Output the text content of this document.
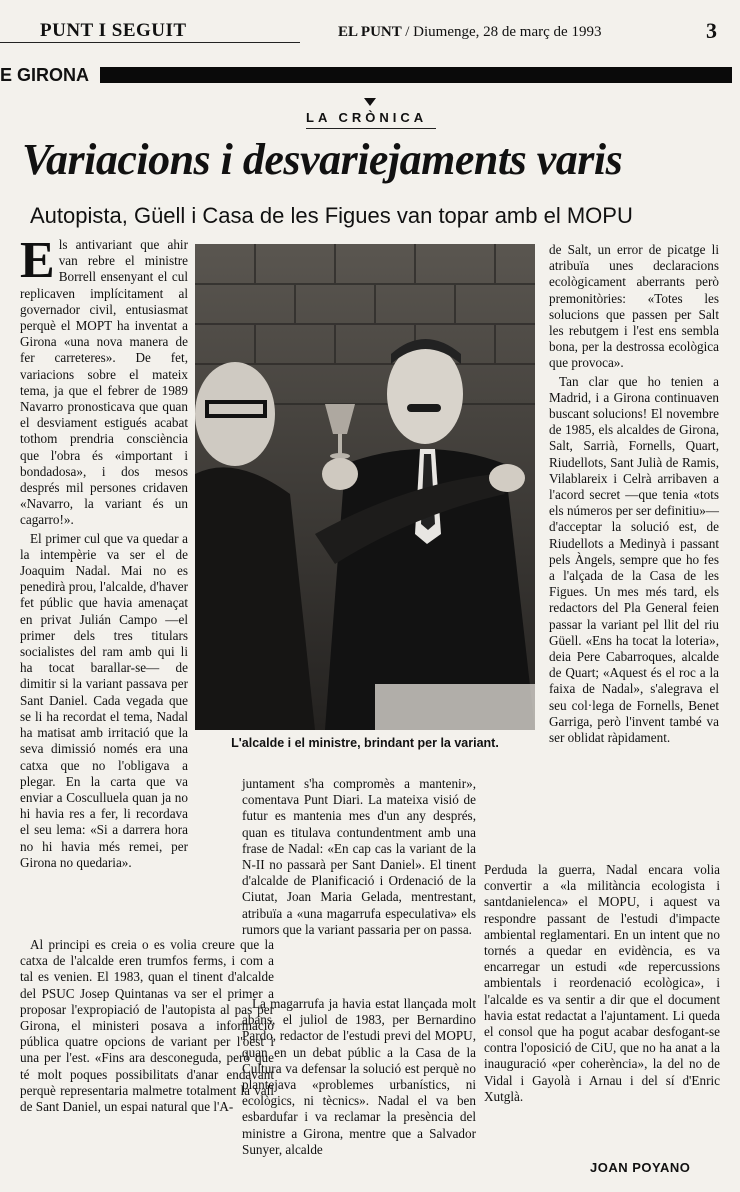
PUNT I SEGUIT	EL PUNT / Diumenge, 28 de març de 1993	3
E GIRONA
LA CRÒNICA
Variacions i desvariejaments varis
Autopista, Güell i Casa de les Figues van topar amb el MOPU

Els antivariant que ahir van rebre el ministre Borrell ensenyant el cul replicaven implícitament al governador civil, entusiasmat perquè el MOPT ha inventat a Girona «una nova manera de fer carreteres». De fet, variacions sobre el mateix tema, ja que el febrer de 1989 Navarro pronosticava que quan el desviament estigués acabat tothom prendria consciència que l'obra és «important i bondadosa», i dos mesos després mil persones cridaven «Navarro, la variant és un cagarro!».

El primer cul que va quedar a la intempèrie va ser el de Joaquim Nadal. Mai no es penedirà prou, l'alcalde, d'haver fet públic que havia amenaçat en privat Julián Campo —el primer dels tres titulars socialistes del ram amb qui li ha tocat barallar-se— de dimitir si la variant passava per Sant Daniel. Cada vegada que se li ha recordat el tema, Nadal ha matisat amb irritació que la seva dimissió només era una catxa que no l'obligava a plegar. En la carta que va enviar a Cosculluela quan ja no hi havia res a fer, li recordava el seu lema: «Si a darrera hora no hi havia més remei, per Girona no quedaria».

Al principi es creia o es volia creure que la catxa de l'alcalde eren trumfos ferms, i com a tal es venien. El 1983, quan el tinent d'alcalde del PSUC Josep Quintanas va ser el primer a proposar l'expropiació de l'autopista al pas per Girona, el ministeri posava a informació pública quatre opcions de variant per l'oest i una per l'est. «Fins ara desconeguda, però que té molt poques possibilitats d'anar endavant perquè representaria malmetre totalment la vall de Sant Daniel, un espai natural que l'A-

juntament s'ha compromès a mantenir», comentava Punt Diari. La mateixa visió de futur es mantenia mes d'un any després, quan es titulava contundentment amb una frase de Nadal: «En cap cas la variant de la N-II no passarà per Sant Daniel». El tinent d'alcalde de Planificació i Ordenació de la Ciutat, Joan Maria Gelada, mentrestant, atribuïa a «una magarrufa especulativa» els rumors que la variant passaria per on passa.

La magarrufa ja havia estat llançada molt abans, el juliol de 1983, per Bernardino Pardo, redactor de l'estudi previ del MOPU, quan en un debat públic a la Casa de la Cultura va defensar la solució est perquè no plantejava «problemes urbanístics, ni ecològics, ni tècnics». Nadal el va ben esbardufar i va reclamar la presència del ministre a Girona, mentre que a Salvador Sunyer, alcalde

de Salt, un error de picatge li atribuïa unes declaracions ecològicament aberrants però premonitòries: «Totes les solucions que passen per Salt les rebutgem i l'est ens sembla bona, per la destrossa ecològica que provoca».

Tan clar que ho tenien a Madrid, i a Girona continuaven buscant solucions! El novembre de 1985, els alcaldes de Girona, Salt, Sarrià, Fornells, Quart, Riudellots, Sant Julià de Ramis, Vilablareix i Celrà arribaven a l'acord secret —que tenia «tots els números per ser definitiu»— d'acceptar la solució est, de Riudellots a Medinyà i passant pels Àngels, sempre que ho fes a l'alçada de la Casa de les Figues. Un mes més tard, els redactors del Pla General feien passar la variant pel llit del riu Güell. «Ens ha tocat la loteria», deia Pere Cabarroques, alcalde de Quart; «Aquest és el roc a la faixa de Nadal», s'alegrava el seu col·lega de Fornells, Benet Garriga, però l'invent també va ser oblidat ràpidament.

Perduda la guerra, Nadal encara volia convertir a «la militància ecologista i santdanielenca» el MOPU, i aquest va respondre passant de l'estudi d'impacte ambiental reglamentari. En un intent que no tornés a quedar en evidència, es va encarregar un estudi «de repercussions ambientals i reordenació ecològica», i l'alcalde es va sentir a dir que el document havia estat redactat a l'ajuntament. Li queda el consol que ha pogut acabar desfogant-se contra l'oposició de CiU, que no ha anat a la inauguració «per coherència», la del no de Vidal i Gayolà i Arnau i del sí d'Enric Xutglà.

L'alcalde i el ministre, brindant per la variant.
JOAN POYANO
